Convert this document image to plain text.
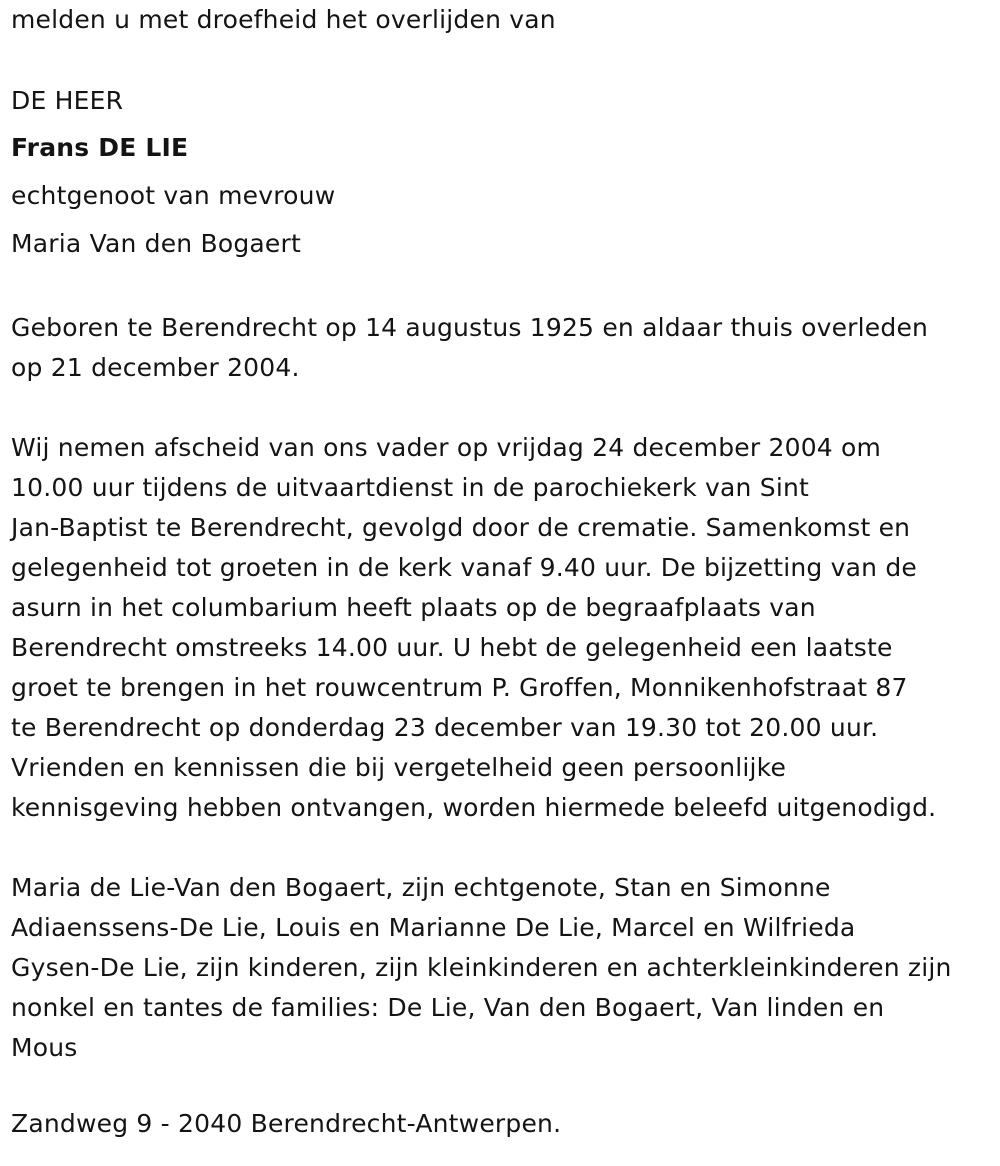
melden u met droefheid het overlijden van

DE HEER

Frans DE LIE

echtgenoot van mevrouw

Maria Van den Bogaert

Geboren te Berendrecht op 14 augustus 1925 en aldaar thuis overleden
op 21 december 2004.
Wij nemen afscheid van ons vader op vrijdag 24 december 2004 om
10.00 uur tijdens de uitvaartdienst in de parochiekerk van Sint
Jan-Baptist te Berendrecht, gevolgd door de crematie. Samenkomst en
gelegenheid tot groeten in de kerk vanaf 9.40 uur. De bijzetting van de
asurn in het columbarium heeft plaats op de begraafplaats van
Berendrecht omstreeks 14.00 uur. U hebt de gelegenheid een laatste
groet te brengen in het rouwcentrum P. Groffen, Monnikenhofstraat 87
te Berendrecht op donderdag 23 december van 19.30 tot 20.00 uur.
Vrienden en kennissen die bij vergetelheid geen persoonlijke
kennisgeving hebben ontvangen, worden hiermede beleefd uitgenodigd.
Maria de Lie-Van den Bogaert, zijn echtgenote, Stan en Simonne
Adiaenssens-De Lie, Louis en Marianne De Lie, Marcel en Wilfrieda
Gysen-De Lie, zijn kinderen, zijn kleinkinderen en achterkleinkinderen zijn
nonkel en tantes de families: De Lie, Van den Bogaert, Van linden en
Mous

Zandweg 9 - 2040 Berendrecht-Antwerpen.
